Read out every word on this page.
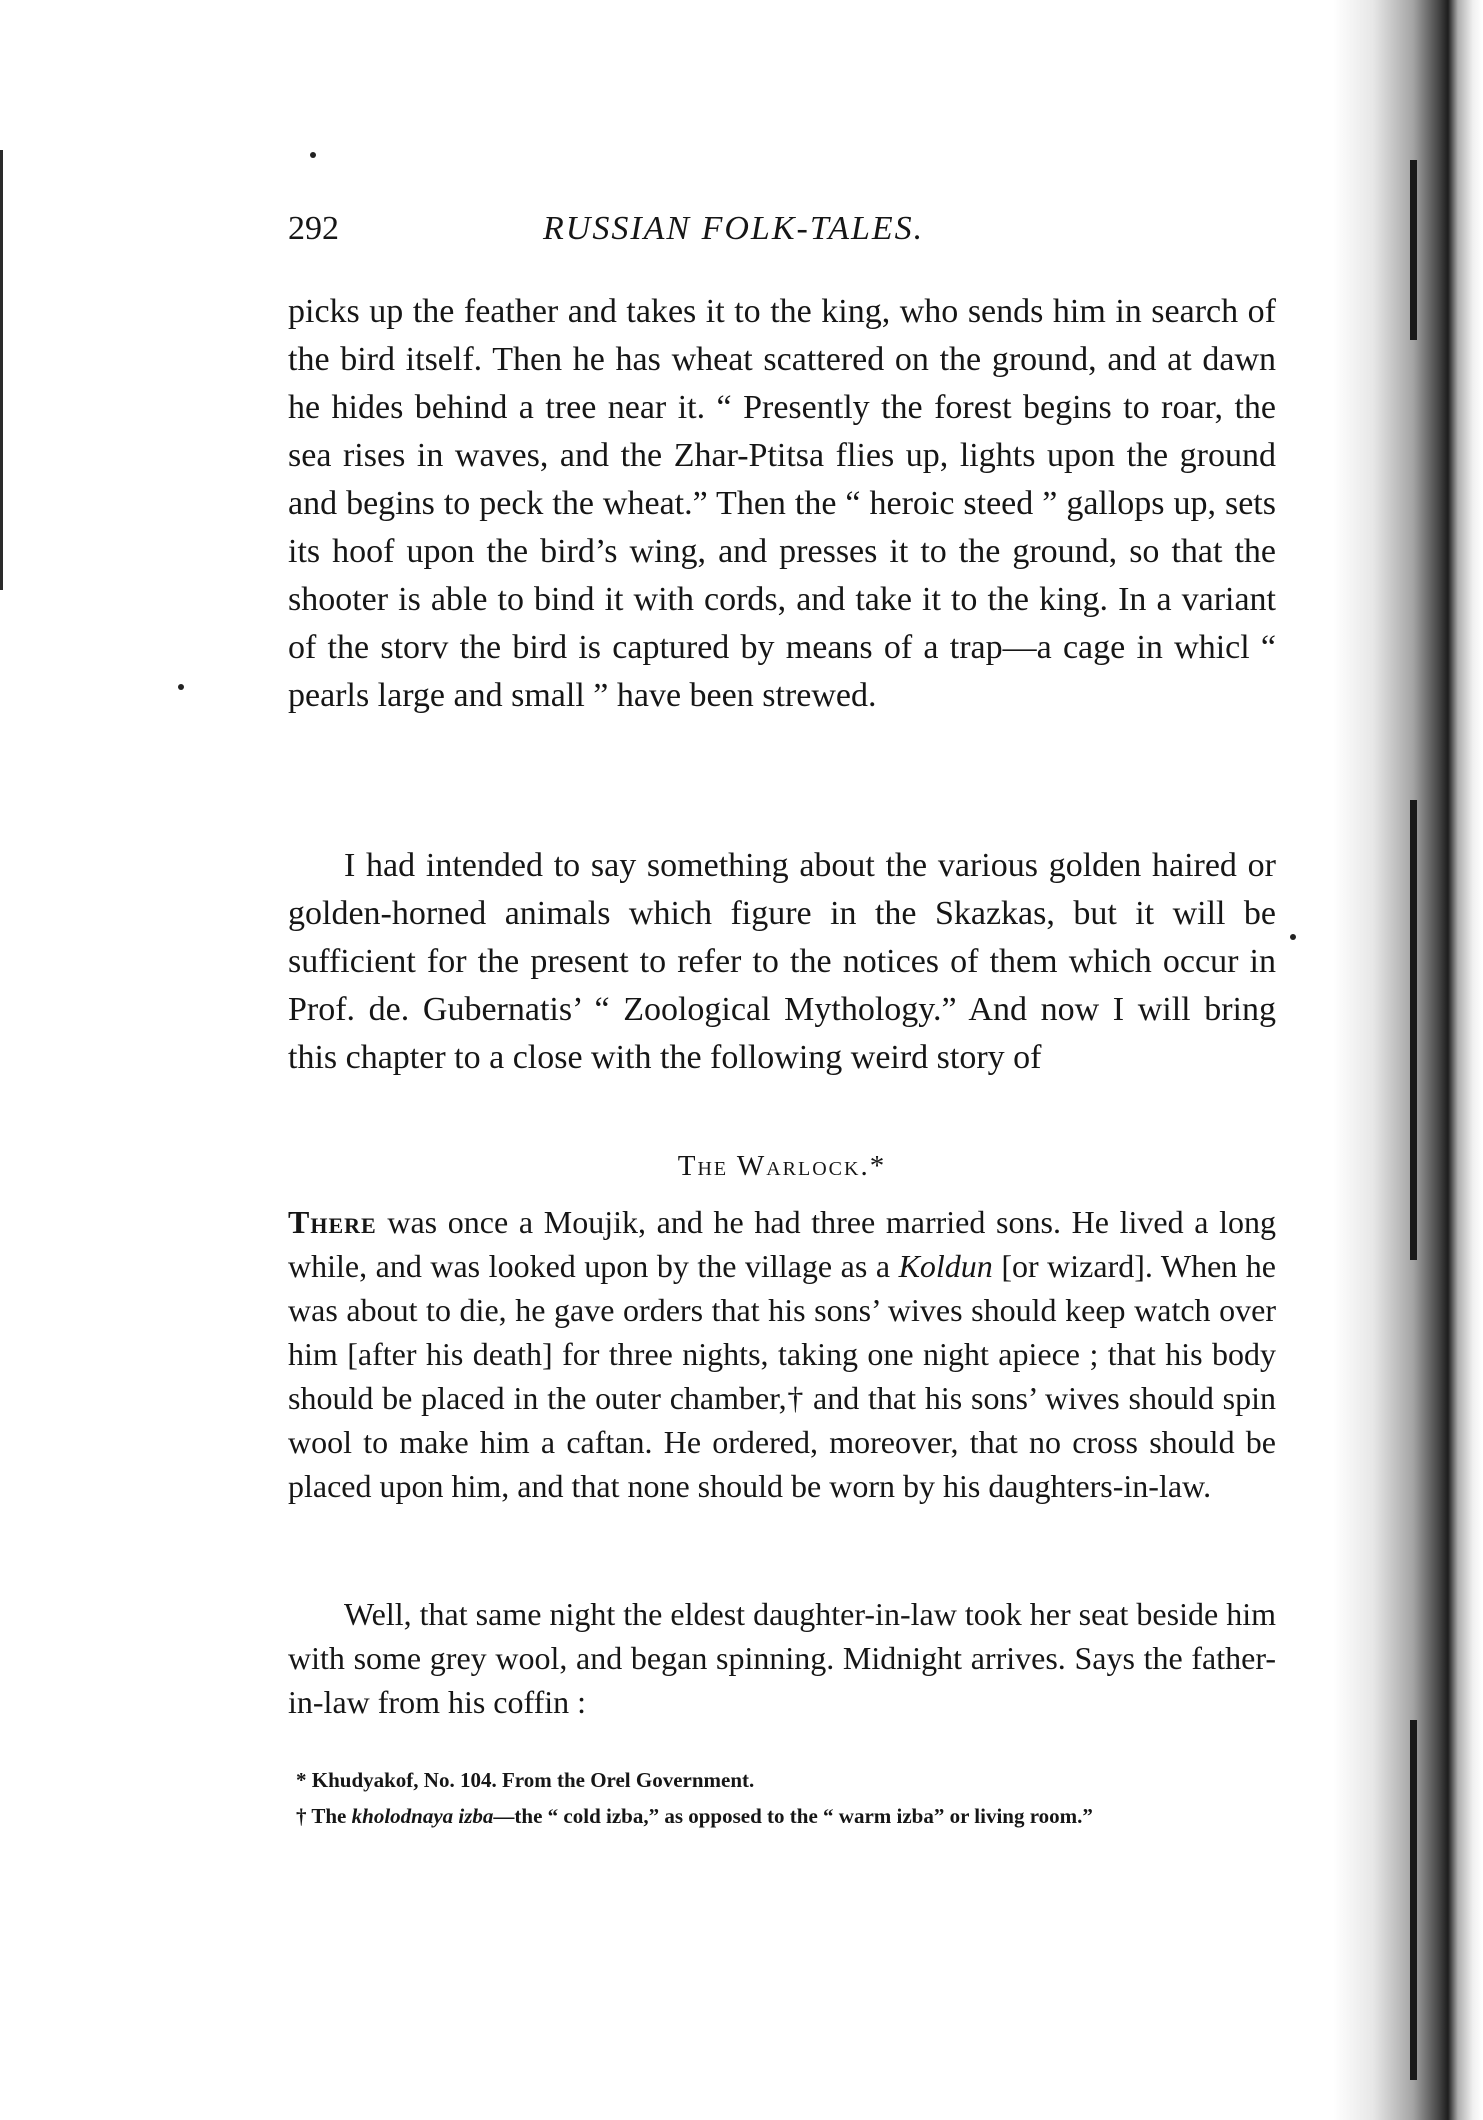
292	RUSSIAN FOLK-TALES.

picks up the feather and takes it to the king, who sends him in search of the bird itself. Then he has wheat scattered on the ground, and at dawn he hides behind a tree near it. “ Presently the forest begins to roar, the sea rises in waves, and the Zhar-Ptitsa flies up, lights upon the ground and begins to peck the wheat.” Then the “ heroic steed ” gallops up, sets its hoof upon the bird’s wing, and presses it to the ground, so that the shooter is able to bind it with cords, and take it to the king. In a variant of the storv the bird is captured by means of a trap—a cage in whicl “ pearls large and small ” have been strewed.

I had intended to say something about the various golden haired or golden-horned animals which figure in the Skazkas, but it will be sufficient for the present to refer to the notices of them which occur in Prof. de. Gubernatis’ “ Zoological Mythology.” And now I will bring this chapter to a close with the following weird story of

The Warlock.*

There was once a Moujik, and he had three married sons. He lived a long while, and was looked upon by the village as a Koldun [or wizard]. When he was about to die, he gave orders that his sons’ wives should keep watch over him [after his death] for three nights, taking one night apiece ; that his body should be placed in the outer chamber,† and that his sons’ wives should spin wool to make him a caftan. He ordered, moreover, that no cross should be placed upon him, and that none should be worn by his daughters-in-law.

Well, that same night the eldest daughter-in-law took her seat beside him with some grey wool, and began spinning. Midnight arrives. Says the father-in-law from his coffin :

* Khudyakof, No. 104. From the Orel Government.

† The kholodnaya izba—the “ cold izba,” as opposed to the “ warm izba” or living room.”
